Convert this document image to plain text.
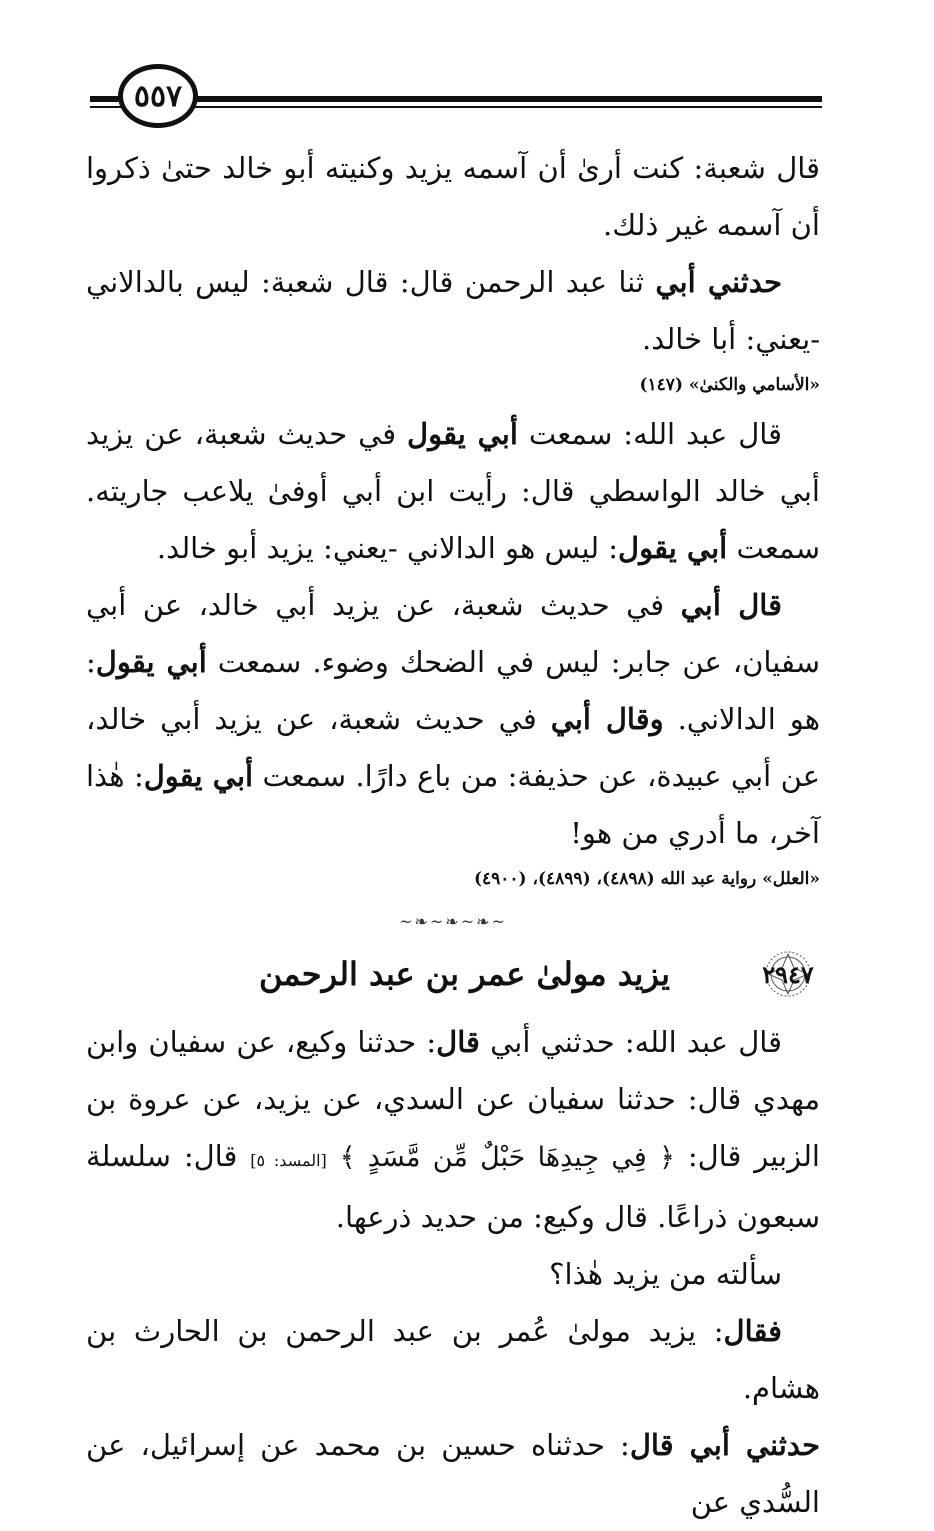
٥٥٧

قال شعبة: كنت أرىٰ أن آسمه يزيد وكنيته أبو خالد حتىٰ ذكروا أن آسمه غير ذلك.

حدثني أبي ثنا عبد الرحمن قال: قال شعبة: ليس بالدالاني -يعني: أبا خالد.

«الأسامي والكنىٰ» (١٤٧)

قال عبد الله: سمعت أبي يقول في حديث شعبة، عن يزيد أبي خالد الواسطي قال: رأيت ابن أبي أوفىٰ يلاعب جاريته. سمعت أبي يقول: ليس هو الدالاني -يعني: يزيد أبو خالد.

قال أبي في حديث شعبة، عن يزيد أبي خالد، عن أبي سفيان، عن جابر: ليس في الضحك وضوء. سمعت أبي يقول: هو الدالاني. وقال أبي في حديث شعبة، عن يزيد أبي خالد، عن أبي عبيدة، عن حذيفة: من باع دارًا. سمعت أبي يقول: هٰذا آخر، ما أدري من هو!

«العلل» رواية عبد الله (٤٨٩٨)، (٤٨٩٩)، (٤٩٠٠)
~❧~❧~❧~
٢٩٤٧
يزيد مولىٰ عمر بن عبد الرحمن

قال عبد الله: حدثني أبي قال: حدثنا وكيع، عن سفيان وابن مهدي قال: حدثنا سفيان عن السدي، عن يزيد، عن عروة بن الزبير قال: ﴿ فِي جِيدِهَا حَبْلٌ مِّن مَّسَدٍ ﴾ [المسد: ٥] قال: سلسلة سبعون ذراعًا. قال وكيع: من حديد ذرعها.

سألته من يزيد هٰذا؟

فقال: يزيد مولىٰ عُمر بن عبد الرحمن بن الحارث بن هشام.

حدثني أبي قال: حدثناه حسين بن محمد عن إسرائيل، عن السُّدي عن
